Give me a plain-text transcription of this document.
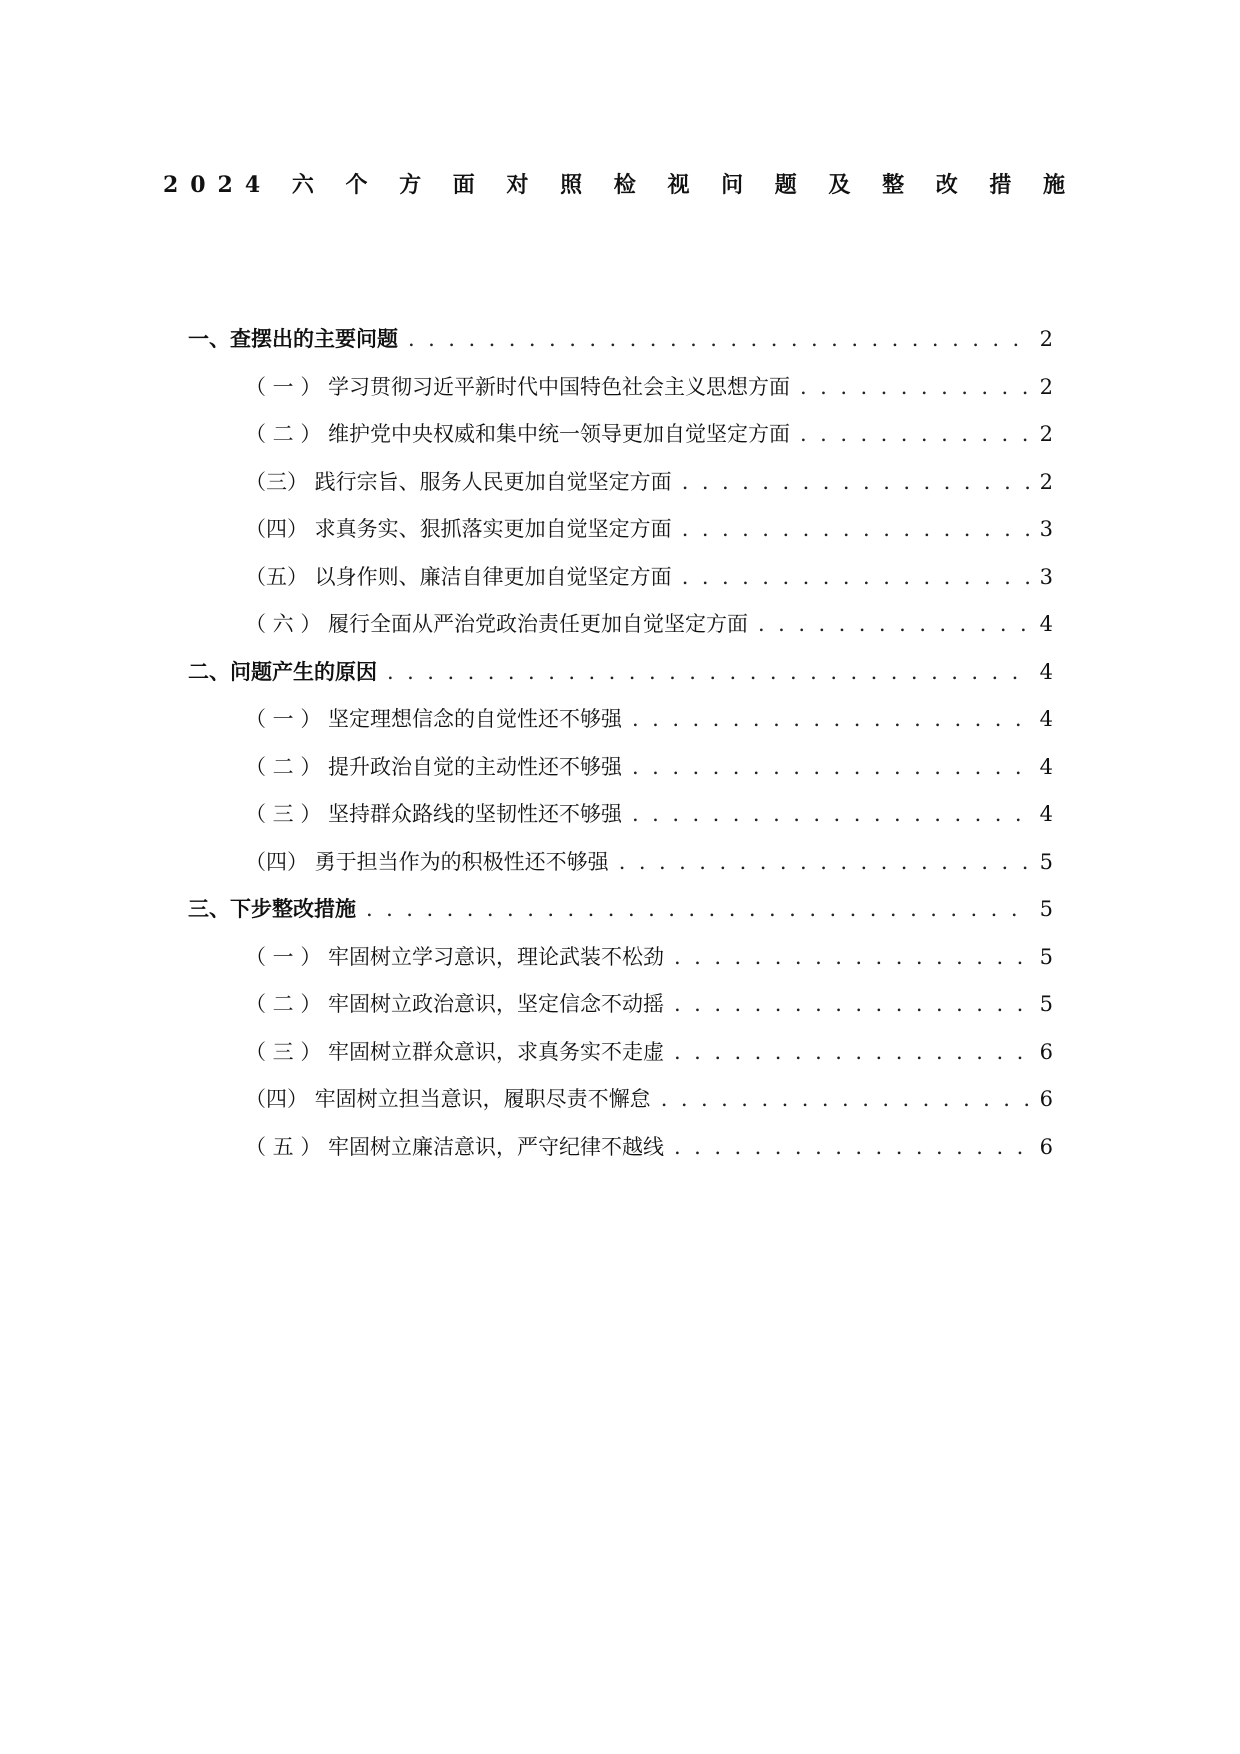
2024 六 个 方 面 对 照 检 视 问 题 及 整 改 措 施
一、查摆出的主要问题 . . .	2
（ 一 ） 学习贯彻习近平新时代中国特色社会主义思想方面 . . .	2
（ 二 ） 维护党中央权威和集中统一领导更加自觉坚定方面 . . .	2
（三） 践行宗旨、服务人民更加自觉坚定方面 . . .	2
（四） 求真务实、狠抓落实更加自觉坚定方面 . . .	3
（五） 以身作则、廉洁自律更加自觉坚定方面 . . .	3
（ 六 ） 履行全面从严治党政治责任更加自觉坚定方面 . . .	4
二、问题产生的原因 . . .	4
（ 一 ） 坚定理想信念的自觉性还不够强 . . .	4
（ 二 ） 提升政治自觉的主动性还不够强 . . .	4
（ 三 ） 坚持群众路线的坚韧性还不够强 . . .	4
（四） 勇于担当作为的积极性还不够强 . . .	5
三、下步整改措施 . . .	5
（ 一 ） 牢固树立学习意识，理论武装不松劲 . . .	5
（ 二 ） 牢固树立政治意识，坚定信念不动摇 . . .	5
（ 三 ） 牢固树立群众意识，求真务实不走虚 . . .	6
（四） 牢固树立担当意识，履职尽责不懈怠 . . .	6
（ 五 ） 牢固树立廉洁意识，严守纪律不越线 . . .	6
